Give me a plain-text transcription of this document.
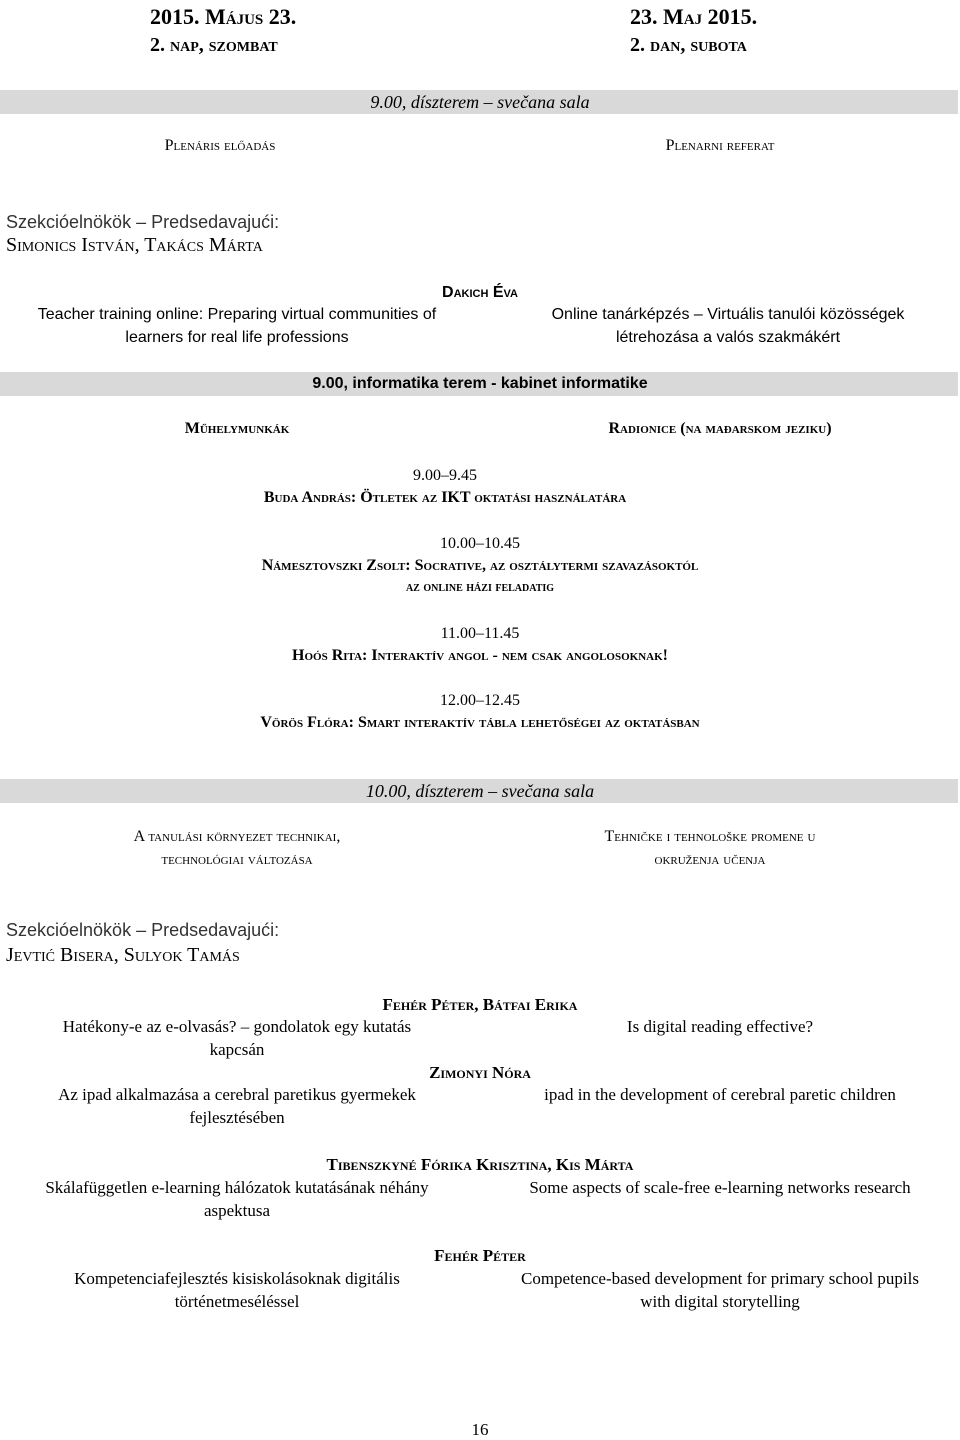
2015. Május 23.
2. nap, szombat
23. Maj 2015.
2. dan, subota
9.00, díszterem – svečana sala
Plenáris előadás	Plenarni referat
Szekcióelnökök – Predsedavajući:
Simonics István, Takács Márta
Dakich Éva
Teacher training online: Preparing virtual communities of
learners for real life professions
Online tanárképzés – Virtuális tanulói közösségek
létrehozása a valós szakmákért
9.00, informatika terem - kabinet informatike
Műhelymunkák	Radionice (na mađarskom jeziku)
9.00–9.45
Buda András: Ötletek az IKT oktatási használatára
10.00–10.45
Námesztovszki Zsolt: Socrative, az osztálytermi szavazásoktól
az online házi feladatig
11.00–11.45
Hoós Rita: Interaktív angol - nem csak angolosoknak!
12.00–12.45
Vörös Flóra: Smart interaktív tábla lehetőségei az oktatásban
10.00, díszterem – svečana sala
A tanulási környezet technikai,
technológiai változása
Tehničke i tehnološke promene u
okruženja učenja
Szekcióelnökök – Predsedavajući:
Jevtić Bisera, Sulyok Tamás
Fehér Péter, Bátfai Erika
Hatékony-e az e-olvasás? – gondolatok egy kutatás
kapcsán
Is digital reading effective?
Zimonyi Nóra
Az ipad alkalmazása a cerebral paretikus gyermekek
fejlesztésében
ipad in the development of cerebral paretic children
Tibenszkyné Fórika Krisztina, Kis Márta
Skálafüggetlen e-learning hálózatok kutatásának néhány
aspektusa
Some aspects of scale-free e-learning networks research
Fehér Péter
Kompetenciafejlesztés kisiskolásoknak digitális
történetmeséléssel
Competence-based development for primary school pupils
with digital storytelling
16
